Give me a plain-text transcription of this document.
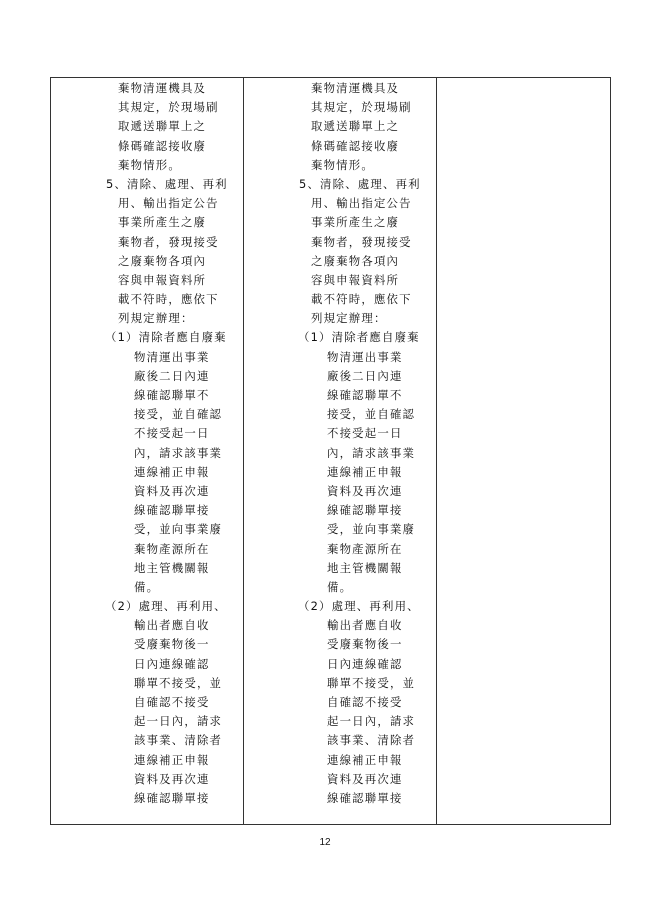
棄物清運機具及
其規定，於現場刷
取遞送聯單上之
條碼確認接收廢
棄物情形。
5、清除、處理、再利
用、輸出指定公告
事業所產生之廢
棄物者，發現接受
之廢棄物各項內
容與申報資料所
載不符時，應依下
列規定辦理：
（1）清除者應自廢棄
物清運出事業
廠後二日內連
線確認聯單不
接受，並自確認
不接受起一日
內，請求該事業
連線補正申報
資料及再次連
線確認聯單接
受，並向事業廢
棄物產源所在
地主管機關報
備。
（2）處理、再利用、
輸出者應自收
受廢棄物後一
日內連線確認
聯單不接受，並
自確認不接受
起一日內，請求
該事業、清除者
連線補正申報
資料及再次連
線確認聯單接

棄物清運機具及
其規定，於現場刷
取遞送聯單上之
條碼確認接收廢
棄物情形。
5、清除、處理、再利
用、輸出指定公告
事業所產生之廢
棄物者，發現接受
之廢棄物各項內
容與申報資料所
載不符時，應依下
列規定辦理：
（1）清除者應自廢棄
物清運出事業
廠後二日內連
線確認聯單不
接受，並自確認
不接受起一日
內，請求該事業
連線補正申報
資料及再次連
線確認聯單接
受，並向事業廢
棄物產源所在
地主管機關報
備。
（2）處理、再利用、
輸出者應自收
受廢棄物後一
日內連線確認
聯單不接受，並
自確認不接受
起一日內，請求
該事業、清除者
連線補正申報
資料及再次連
線確認聯單接

12
